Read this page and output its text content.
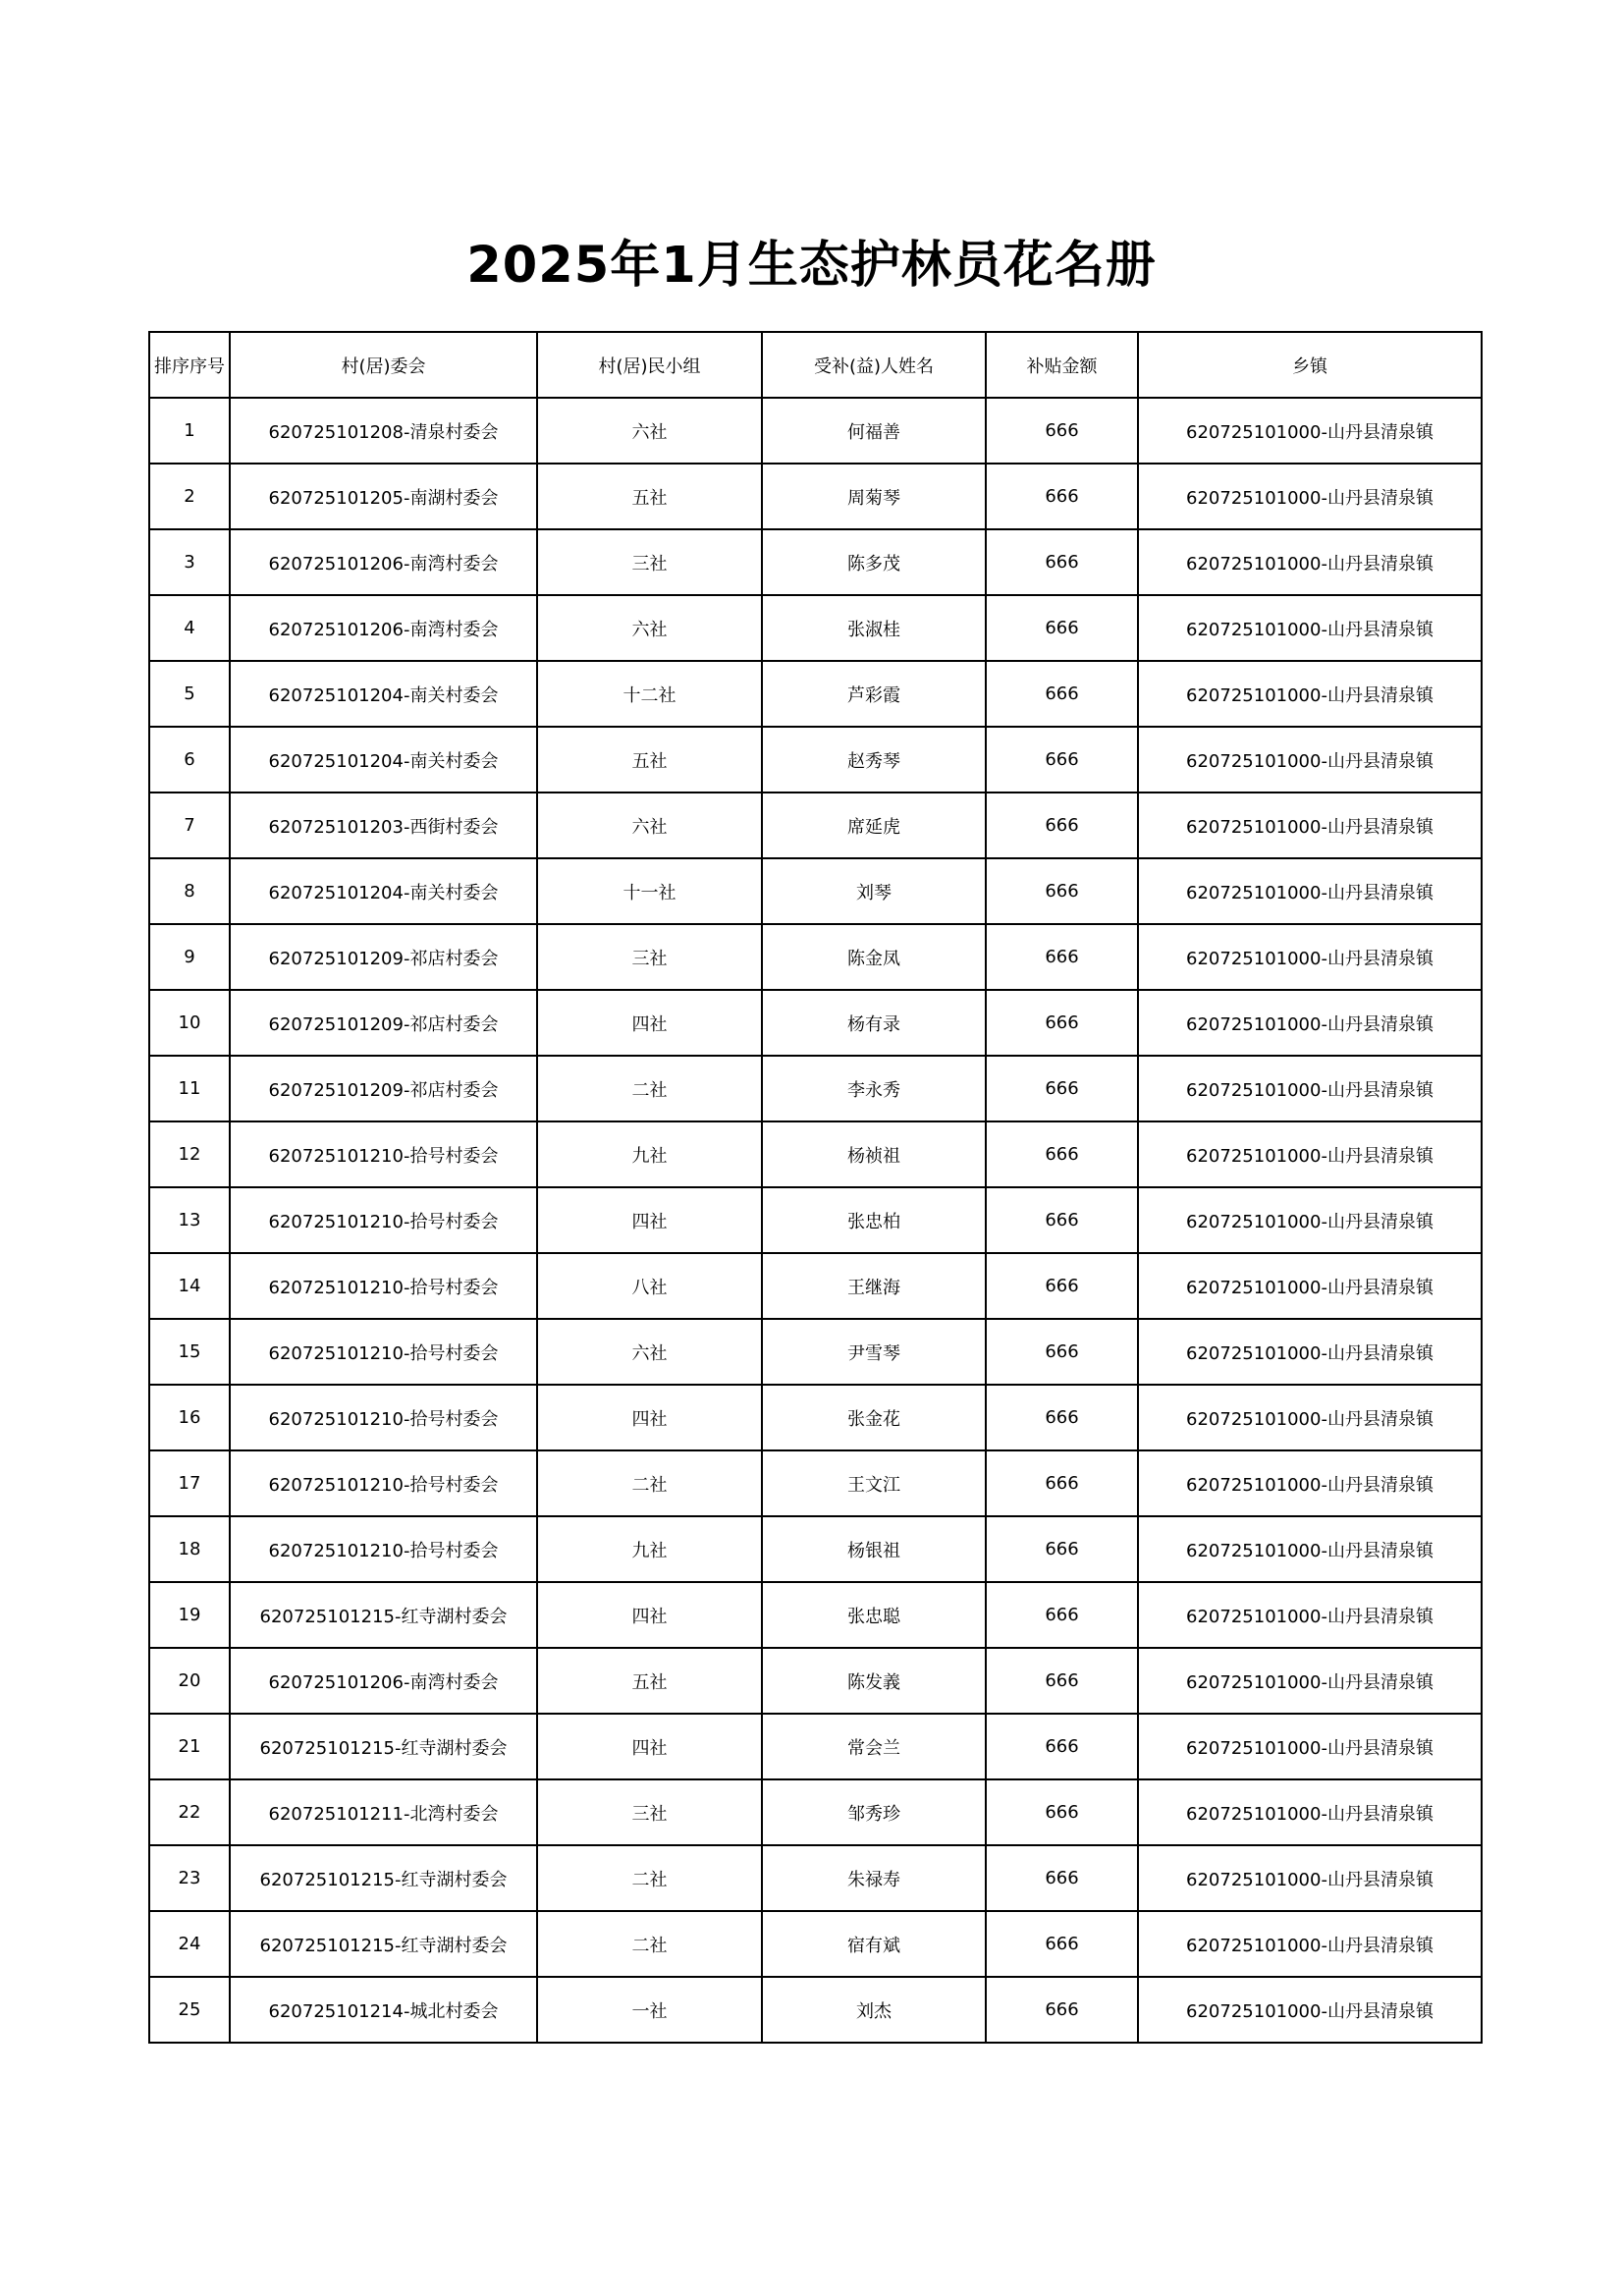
2025年1月生态护林员花名册
排序序号	村(居)委会	村(居)民小组	受补(益)人姓名	补贴金额	乡镇
1	620725101208-清泉村委会	六社	何福善	666	620725101000-山丹县清泉镇
2	620725101205-南湖村委会	五社	周菊琴	666	620725101000-山丹县清泉镇
3	620725101206-南湾村委会	三社	陈多茂	666	620725101000-山丹县清泉镇
4	620725101206-南湾村委会	六社	张淑桂	666	620725101000-山丹县清泉镇
5	620725101204-南关村委会	十二社	芦彩霞	666	620725101000-山丹县清泉镇
6	620725101204-南关村委会	五社	赵秀琴	666	620725101000-山丹县清泉镇
7	620725101203-西街村委会	六社	席延虎	666	620725101000-山丹县清泉镇
8	620725101204-南关村委会	十一社	刘琴	666	620725101000-山丹县清泉镇
9	620725101209-祁店村委会	三社	陈金凤	666	620725101000-山丹县清泉镇
10	620725101209-祁店村委会	四社	杨有录	666	620725101000-山丹县清泉镇
11	620725101209-祁店村委会	二社	李永秀	666	620725101000-山丹县清泉镇
12	620725101210-拾号村委会	九社	杨祯祖	666	620725101000-山丹县清泉镇
13	620725101210-拾号村委会	四社	张忠柏	666	620725101000-山丹县清泉镇
14	620725101210-拾号村委会	八社	王继海	666	620725101000-山丹县清泉镇
15	620725101210-拾号村委会	六社	尹雪琴	666	620725101000-山丹县清泉镇
16	620725101210-拾号村委会	四社	张金花	666	620725101000-山丹县清泉镇
17	620725101210-拾号村委会	二社	王文江	666	620725101000-山丹县清泉镇
18	620725101210-拾号村委会	九社	杨银祖	666	620725101000-山丹县清泉镇
19	620725101215-红寺湖村委会	四社	张忠聪	666	620725101000-山丹县清泉镇
20	620725101206-南湾村委会	五社	陈发義	666	620725101000-山丹县清泉镇
21	620725101215-红寺湖村委会	四社	常会兰	666	620725101000-山丹县清泉镇
22	620725101211-北湾村委会	三社	邹秀珍	666	620725101000-山丹县清泉镇
23	620725101215-红寺湖村委会	二社	朱禄寿	666	620725101000-山丹县清泉镇
24	620725101215-红寺湖村委会	二社	宿有斌	666	620725101000-山丹县清泉镇
25	620725101214-城北村委会	一社	刘杰	666	620725101000-山丹县清泉镇
